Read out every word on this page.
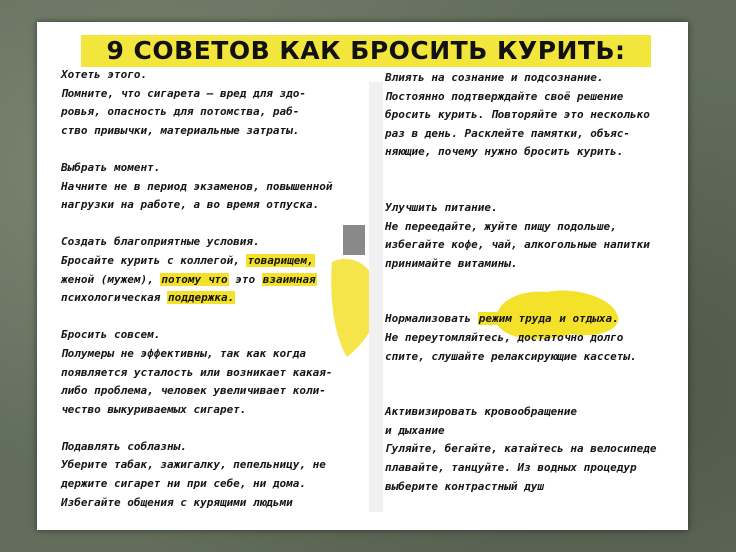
9 СОВЕТОВ КАК БРОСИТЬ КУРИТЬ:

Хотеть этого.

Помните, что сигарета – вред для здо-

ровья, опасность для потомства, раб-

ство привычки, материальные затраты.

Выбрать момент.

Начните не в период экзаменов, повышенной

нагрузки на работе, а во время отпуска.

Создать благоприятные условия.

Бросайте курить с коллегой, товарищем,

женой (мужем), потому что это взаимная

психологическая поддержка.

Бросить совсем.

Полумеры не эффективны, так как когда

появляется усталость или возникает какая-

либо проблема, человек увеличивает коли-

чество выкуриваемых сигарет.

Подавлять соблазны.

Уберите табак, зажигалку, пепельницу, не

держите сигарет ни при себе, ни дома.

Избегайте общения с курящими людьми

Влиять на сознание и подсознание.

Постоянно подтверждайте своё решение

бросить курить. Повторяйте это несколько

раз в день. Расклейте памятки, объяс-

няющие, почему нужно бросить курить.

Улучшить питание.

Не переедайте, жуйте пищу подольше,

избегайте кофе, чай, алкогольные напитки

принимайте витамины.

Нормализовать режим труда и отдыха.

Не переутомляйтесь, достаточно долго

спите, слушайте релаксирующие кассеты.

Активизировать кровообращение

и дыхание

Гуляйте, бегайте, катайтесь на велосипеде

плавайте, танцуйте. Из водных процедур

выберите контрастный душ
